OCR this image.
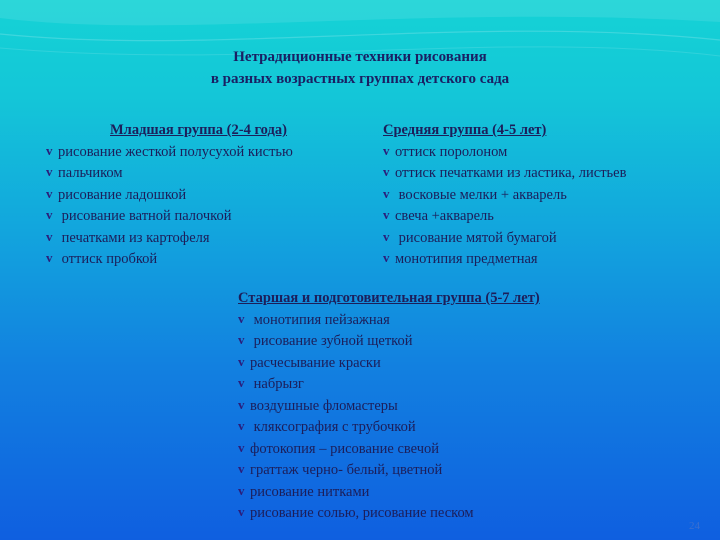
Нетрадиционные техники рисования
в разных возрастных группах детского сада
Младшая группа (2-4 года)
v рисование жесткой полусухой кистью
v пальчиком
v рисование ладошкой
v рисование ватной палочкой
v печатками из картофеля
v оттиск пробкой
Средняя группа (4-5 лет)
v оттиск поролоном
v оттиск печатками из ластика, листьев
v восковые мелки + акварель
v свеча +акварель
v рисование мятой бумагой
v монотипия предметная
Старшая и подготовительная группа (5-7 лет)
v монотипия пейзажная
v рисование зубной щеткой
v расчесывание краски
v набрызг
v воздушные фломастеры
v кляксография с трубочкой
v фотокопия – рисование свечой
v граттаж черно- белый, цветной
v рисование нитками
v рисование солью, рисование песком
24
